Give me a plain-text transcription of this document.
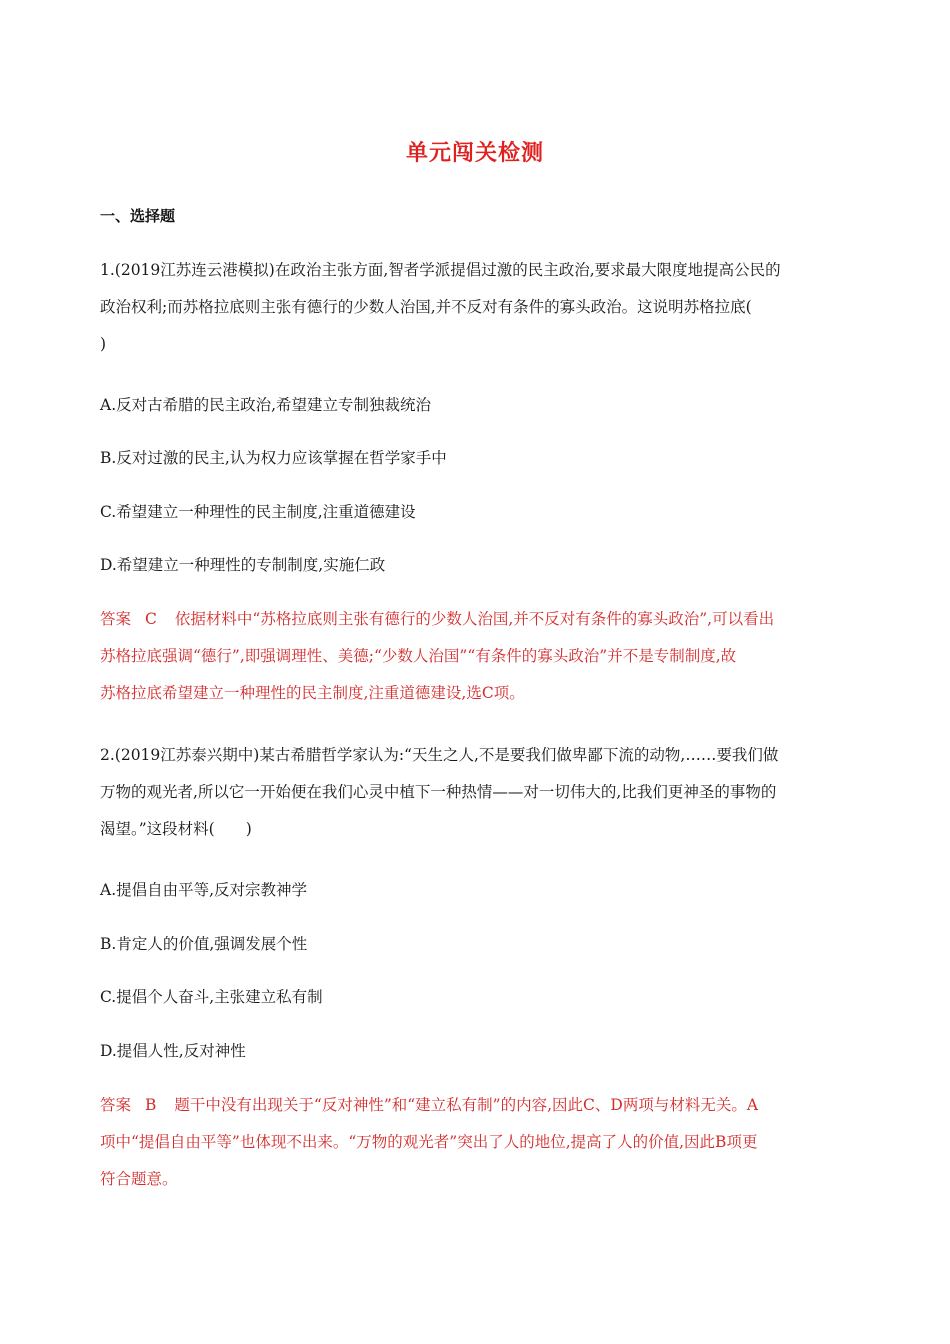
单元闯关检测
一、选择题

1.(2019江苏连云港模拟)在政治主张方面,智者学派提倡过激的民主政治,要求最大限度地提高公民的

政治权利;而苏格拉底则主张有德行的少数人治国,并不反对有条件的寡头政治。这说明苏格拉底(

)

A.反对古希腊的民主政治,希望建立专制独裁统治
B.反对过激的民主,认为权力应该掌握在哲学家手中
C.希望建立一种理性的民主制度,注重道德建设
D.希望建立一种理性的专制制度,实施仁政

答案 C 依据材料中“苏格拉底则主张有德行的少数人治国,并不反对有条件的寡头政治”,可以看出

苏格拉底强调“德行”,即强调理性、美德;“少数人治国”“有条件的寡头政治”并不是专制制度,故

苏格拉底希望建立一种理性的民主制度,注重道德建设,选C项。

2.(2019江苏泰兴期中)某古希腊哲学家认为:“天生之人,不是要我们做卑鄙下流的动物,……要我们做

万物的观光者,所以它一开始便在我们心灵中植下一种热情——对一切伟大的,比我们更神圣的事物的

渴望。”这段材料(　　)

A.提倡自由平等,反对宗教神学
B.肯定人的价值,强调发展个性
C.提倡个人奋斗,主张建立私有制
D.提倡人性,反对神性

答案 B 题干中没有出现关于“反对神性”和“建立私有制”的内容,因此C、D两项与材料无关。A

项中“提倡自由平等”也体现不出来。“万物的观光者”突出了人的地位,提高了人的价值,因此B项更

符合题意。
